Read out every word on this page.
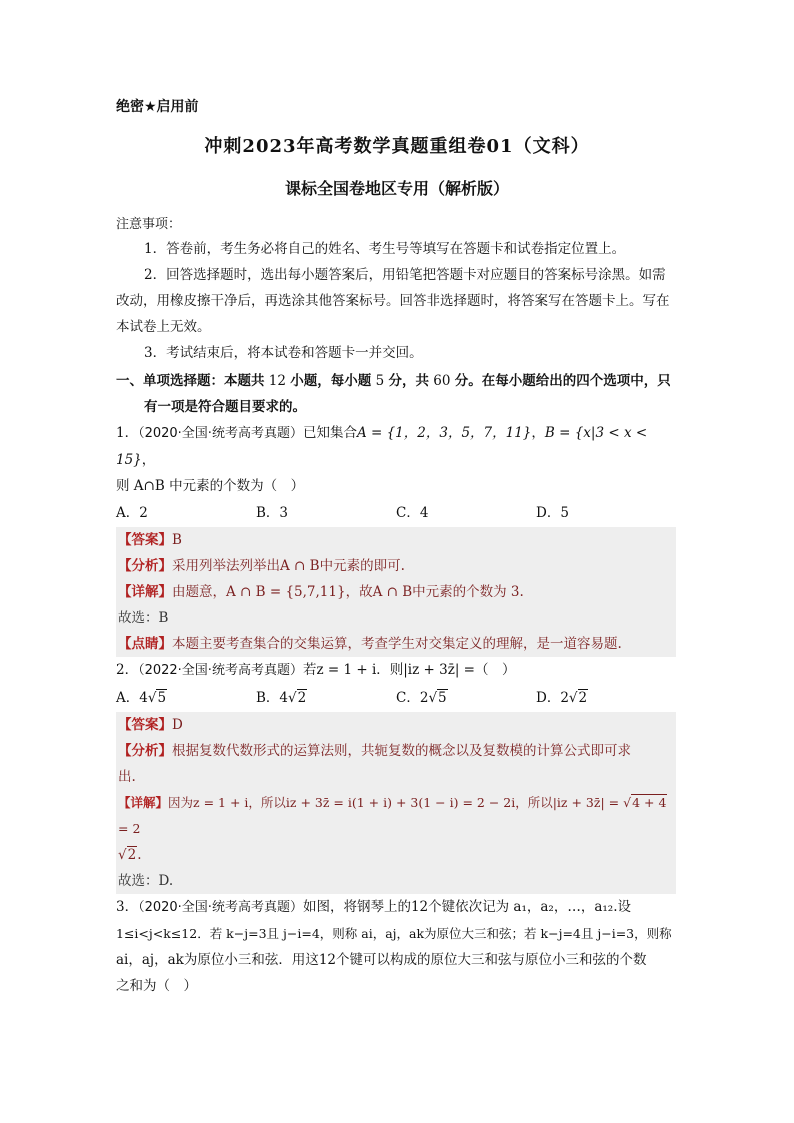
绝密★启用前
冲刺2023年高考数学真题重组卷01（文科）
课标全国卷地区专用（解析版）
注意事项：

1．答卷前，考生务必将自己的姓名、考生号等填写在答题卡和试卷指定位置上。

2．回答选择题时，选出每小题答案后，用铅笔把答题卡对应题目的答案标号涂黑。如需改动，用橡皮擦干净后，再选涂其他答案标号。回答非选择题时，将答案写在答题卡上。写在本试卷上无效。

3．考试结束后，将本试卷和答题卡一并交回。

一、单项选择题：本题共 12 小题，每小题 5 分，共 60 分。在每小题给出的四个选项中，只有一项是符合题目要求的。

1．（2020·全国·统考高考真题）已知集合A = {1，2，3，5，7，11}，B = {x|3 < x < 15}，

则 A∩B 中元素的个数为（　）

A．2	B．3	C．4	D．5

【答案】B

【分析】采用列举法列举出A ∩ B中元素的即可.

【详解】由题意，A ∩ B = {5,7,11}，故A ∩ B中元素的个数为 3.

故选：B

【点睛】本题主要考查集合的交集运算，考查学生对交集定义的理解，是一道容易题.

2．（2022·全国·统考高考真题）若z = 1 + i．则|iz + 3z̄| =（　）

A．4√5	B．4√2	C．2√5	D．2√2

【答案】D

【分析】根据复数代数形式的运算法则，共轭复数的概念以及复数模的计算公式即可求

出.

【详解】因为z = 1 + i，所以iz + 3z̄ = i(1 + i) + 3(1 − i) = 2 − 2i，所以|iz + 3z̄| = √4 + 4 = 2

√2.

故选：D.

3．（2020·全国·统考高考真题）如图，将钢琴上的12个键依次记为 a₁，a₂，…，a₁₂.设

1≤i<j<k≤12．若 k−j=3且 j−i=4，则称 ai，aj，ak为原位大三和弦；若 k−j=4且 j−i=3，则称

ai，aj，ak为原位小三和弦．用这12个键可以构成的原位大三和弦与原位小三和弦的个数

之和为（　）
